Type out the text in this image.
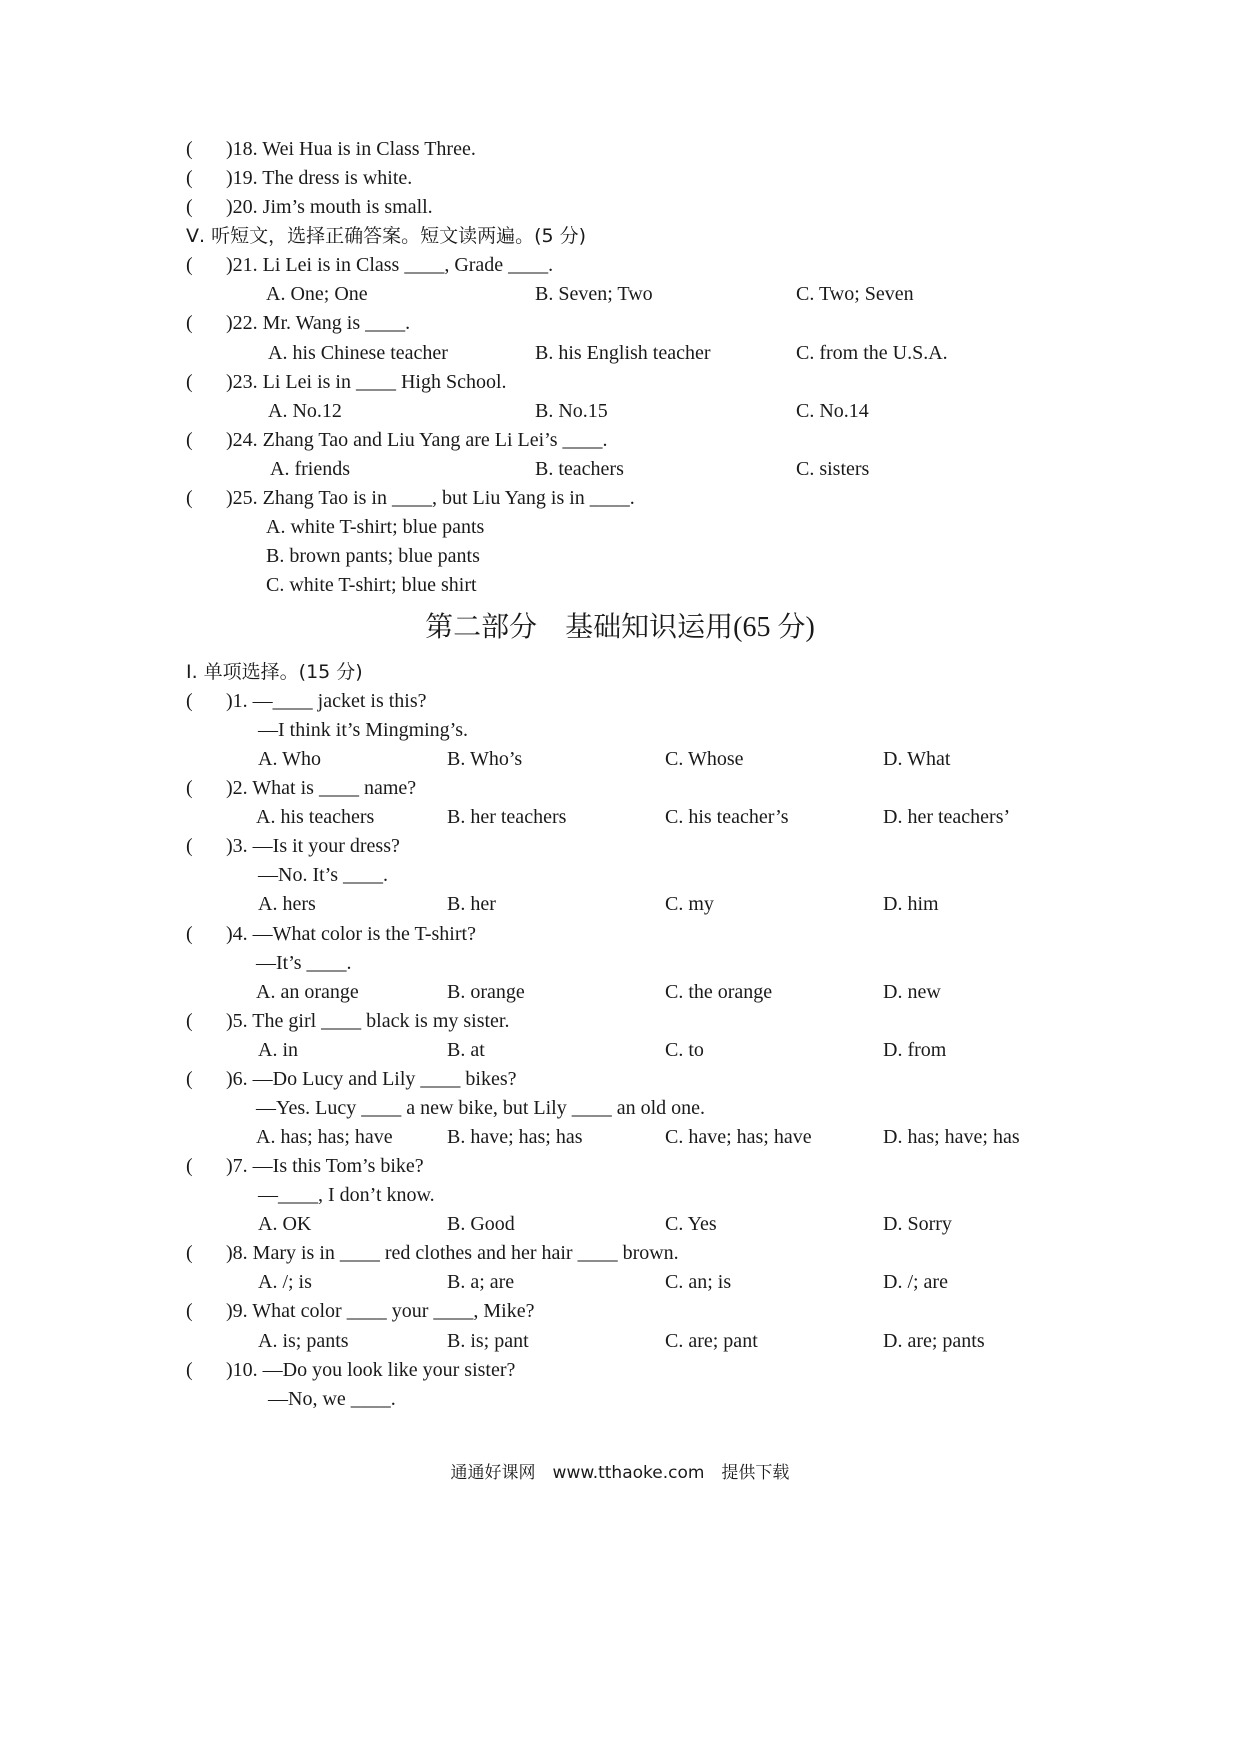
( )18. Wei Hua is in Class Three.
( )19. The dress is white.
( )20. Jim’s mouth is small.
Ⅴ. 听短文，选择正确答案。短文读两遍。(5 分)
( )21. Li Lei is in Class ____, Grade ____.
A. One; One	B. Seven; Two	C. Two; Seven
( )22. Mr. Wang is ____.
A. his Chinese teacher	B. his English teacher	C. from the U.S.A.
( )23. Li Lei is in ____ High School.
A. No.12	B. No.15	C. No.14
( )24. Zhang Tao and Liu Yang are Li Lei’s ____.
A. friends	B. teachers	C. sisters
( )25. Zhang Tao is in ____, but Liu Yang is in ____.
A. white T-shirt; blue pants
B. brown pants; blue pants
C. white T-shirt; blue shirt
第二部分　基础知识运用(65 分)
Ⅰ. 单项选择。(15 分)
( )1. —____ jacket is this?
—I think it’s Mingming’s.
A. Who	B. Who’s	C. Whose	D. What
( )2. What is ____ name?
A. his teachers	B. her teachers	C. his teacher’s	D. her teachers’
( )3. —Is it your dress?
—No. It’s ____.
A. hers	B. her	C. my	D. him
( )4. —What color is the T-shirt?
—It’s ____.
A. an orange	B. orange	C. the orange	D. new
( )5. The girl ____ black is my sister.
A. in	B. at	C. to	D. from
( )6. —Do Lucy and Lily ____ bikes?
—Yes. Lucy ____ a new bike, but Lily ____ an old one.
A. has; has; have	B. have; has; has	C. have; has; have	D. has; have; has
( )7. —Is this Tom’s bike?
—____, I don’t know.
A. OK	B. Good	C. Yes	D. Sorry
( )8. Mary is in ____ red clothes and her hair ____ brown.
A. /; is	B. a; are	C. an; is	D. /; are
( )9. What color ____ your ____, Mike?
A. is; pants	B. is; pant	C. are; pant	D. are; pants
( )10. —Do you look like your sister?
—No, we ____.
通通好课网　www.tthaoke.com　提供下载
